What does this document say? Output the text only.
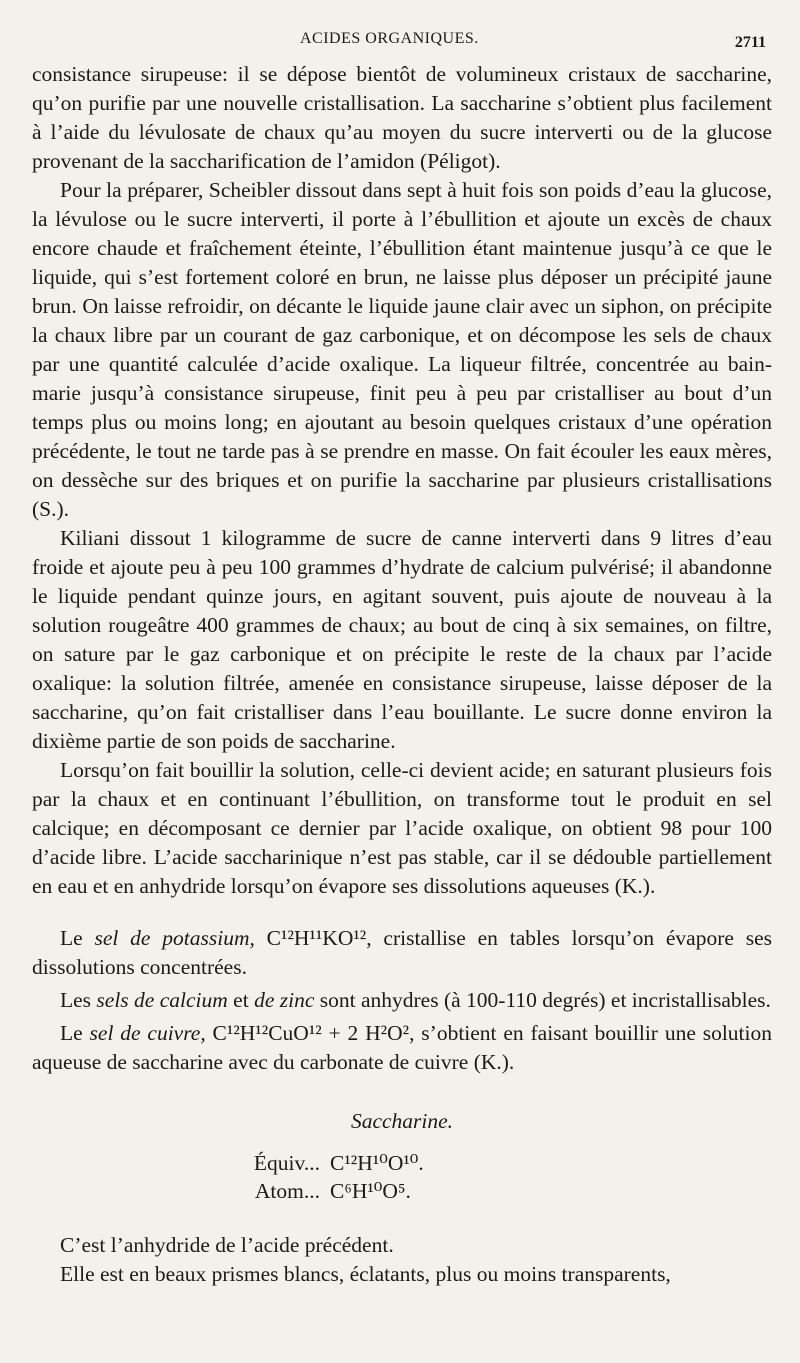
ACIDES ORGANIQUES.	2711

consistance sirupeuse: il se dépose bientôt de volumineux cristaux de saccharine, qu’on purifie par une nouvelle cristallisation. La saccharine s’obtient plus facilement à l’aide du lévulosate de chaux qu’au moyen du sucre interverti ou de la glucose provenant de la saccharification de l’amidon (Péligot).

Pour la préparer, Scheibler dissout dans sept à huit fois son poids d’eau la glucose, la lévulose ou le sucre interverti, il porte à l’ébullition et ajoute un excès de chaux encore chaude et fraîchement éteinte, l’ébullition étant maintenue jusqu’à ce que le liquide, qui s’est fortement coloré en brun, ne laisse plus déposer un précipité jaune brun. On laisse refroidir, on décante le liquide jaune clair avec un siphon, on précipite la chaux libre par un courant de gaz carbonique, et on décompose les sels de chaux par une quantité calculée d’acide oxalique. La liqueur filtrée, concentrée au bain-marie jusqu’à consistance sirupeuse, finit peu à peu par cristalliser au bout d’un temps plus ou moins long; en ajoutant au besoin quelques cristaux d’une opération précédente, le tout ne tarde pas à se prendre en masse. On fait écouler les eaux mères, on dessèche sur des briques et on purifie la saccharine par plusieurs cristallisations (S.).

Kiliani dissout 1 kilogramme de sucre de canne interverti dans 9 litres d’eau froide et ajoute peu à peu 100 grammes d’hydrate de calcium pulvérisé; il abandonne le liquide pendant quinze jours, en agitant souvent, puis ajoute de nouveau à la solution rougeâtre 400 grammes de chaux; au bout de cinq à six semaines, on filtre, on sature par le gaz carbonique et on précipite le reste de la chaux par l’acide oxalique: la solution filtrée, amenée en consistance sirupeuse, laisse déposer de la saccharine, qu’on fait cristalliser dans l’eau bouillante. Le sucre donne environ la dixième partie de son poids de saccharine.

Lorsqu’on fait bouillir la solution, celle-ci devient acide; en saturant plusieurs fois par la chaux et en continuant l’ébullition, on transforme tout le produit en sel calcique; en décomposant ce dernier par l’acide oxalique, on obtient 98 pour 100 d’acide libre. L’acide saccharinique n’est pas stable, car il se dédouble partiellement en eau et en anhydride lorsqu’on évapore ses dissolutions aqueuses (K.).

Le sel de potassium, C¹²H¹¹KO¹², cristallise en tables lorsqu’on évapore ses dissolutions concentrées.

Les sels de calcium et de zinc sont anhydres (à 100-110 degrés) et incristallisables.

Le sel de cuivre, C¹²H¹²CuO¹² + 2 H²O², s’obtient en faisant bouillir une solution aqueuse de saccharine avec du carbonate de cuivre (K.).

Saccharine.

Équiv... C¹²H¹⁰O¹⁰.

Atom... C⁶H¹⁰O⁵.

C’est l’anhydride de l’acide précédent.

Elle est en beaux prismes blancs, éclatants, plus ou moins transparents,
